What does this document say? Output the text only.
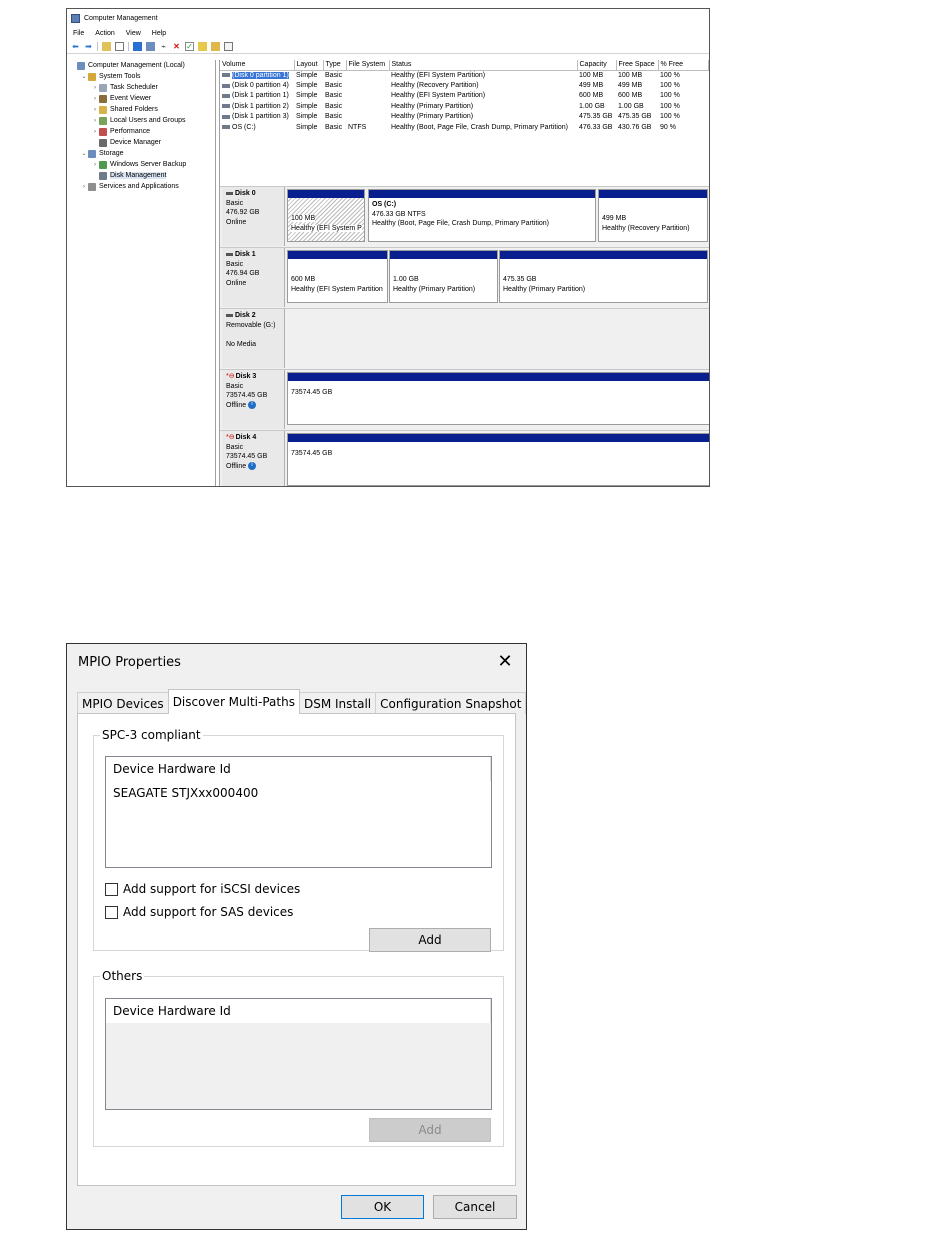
Computer Management
File Action View Help
⬅ ➡	⌁ ✕ ✓
Computer Management (Local)
⌄ System Tools
›	Task Scheduler
›	Event Viewer
›	Shared Folders
›	Local Users and Groups
›	Performance
Device Manager
⌄ Storage
›	Windows Server Backup
Disk Management
›	Services and Applications
Volume	Layout	Type	File System	Status	Capacity	Free Space	% Free

(Disk 0 partition 1)	Simple	Basic		Healthy (EFI System Partition)	100 MB	100 MB	100 %

(Disk 0 partition 4)	Simple	Basic		Healthy (Recovery Partition)	499 MB	499 MB	100 %

(Disk 1 partition 1)	Simple	Basic		Healthy (EFI System Partition)	600 MB	600 MB	100 %

(Disk 1 partition 2)	Simple	Basic		Healthy (Primary Partition)	1.00 GB	1.00 GB	100 %

(Disk 1 partition 3)	Simple	Basic		Healthy (Primary Partition)	475.35 GB	475.35 GB	100 %

OS (C:)	Simple	Basic	NTFS	Healthy (Boot, Page File, Crash Dump, Primary Partition)	476.33 GB	430.76 GB	90 %
Disk 0
Basic
476.92 GB
Online	100 MB
Healthy (EFI System P
OS (C:)
476.33 GB NTFS
Healthy (Boot, Page File, Crash Dump, Primary Partition)
499 MB
Healthy (Recovery Partition)
Disk 1
Basic
476.94 GB
Online	600 MB
Healthy (EFI System Partition
1.00 GB
Healthy (Primary Partition)
475.35 GB
Healthy (Primary Partition)
Disk 2
Removable (G:)
No Media
*⊖Disk 3
Basic
73574.45 GB
Offline i
73574.45 GB
*⊖Disk 4
Basic
73574.45 GB
Offline i
73574.45 GB
MPIO Properties	✕
MPIO Devices Discover Multi-Paths DSM Install Configuration Snapshot
SPC-3 compliant
Device Hardware Id
SEAGATE STJXxx000400
Add support for iSCSI devices
Add support for SAS devices
Add
Others
Device Hardware Id
Add
OK	Cancel
